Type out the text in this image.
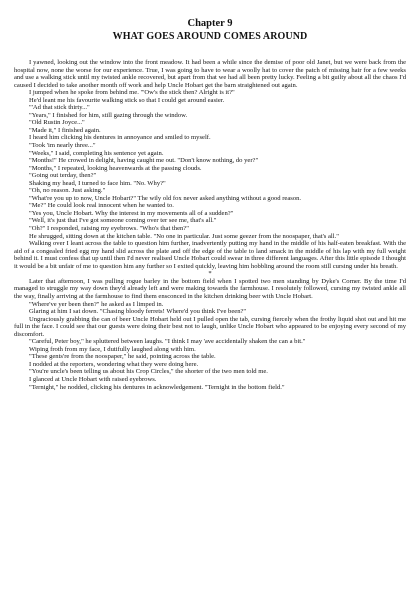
Chapter 9
WHAT GOES AROUND COMES AROUND

I yawned, looking out the window into the front meadow. It had been a while since the demise of poor old Janet, but we were back from the hospital now, none the worse for our experience. True, I was going to have to wear a woolly hat to cover the patch of missing hair for a few weeks and use a walking stick until my twisted ankle recovered, but apart from that we had all been pretty lucky. Feeling a bit guilty about all the chaos I'd caused I decided to take another month off work and help Uncle Hobart get the barn straightened out again.

I jumped when he spoke from behind me. "'Ow's the stick then? Alright is it?"

He'd leant me his favourite walking stick so that I could get around easier.

"'Ad that stick thirty..."

"Years," I finished for him, still gazing through the window.

"Old Rustin Joyce..."

"Made it," I finished again.

I heard him clicking his dentures in annoyance and smiled to myself.

"Took 'im nearly three..."

"Weeks," I said, completing his sentence yet again.

"Months!" He crowed in delight, having caught me out. "Don't know nothing, do yer?"

"Months," I repeated, looking heavenwards at the passing clouds.

"Going out terday, then?"

Shaking my head, I turned to face him. "No. Why?"

"Oh, no reason. Just asking."

"What're you up to now, Uncle Hobart?" The wily old fox never asked anything without a good reason.

"Me?" He could look real innocent when he wanted to.

"Yes you, Uncle Hobart. Why the interest in my movements all of a sudden?"

"Well, it's just that I've got someone coming over ter see me, that's all."

"Oh?" I responded, raising my eyebrows. "Who's that then?"

He shrugged, sitting down at the kitchen table. "No one in particular. Just some geezer from the noospaper, that's all."

Walking over I leant across the table to question him further, inadvertently putting my hand in the middle of his half-eaten breakfast. With the aid of a congealed fried egg my hand slid across the plate and off the edge of the table to land smack in the middle of his lap with my full weight behind it. I must confess that up until then I'd never realised Uncle Hobart could swear in three different languages. After this little episode I thought it would be a bit unfair of me to question him any further so I exited quickly, leaving him hobbling around the room still cursing under his breath.

*

Later that afternoon, I was pulling rogue barley in the bottom field when I spotted two men standing by Dyke's Corner. By the time I'd managed to struggle my way down they'd already left and were making towards the farmhouse. I resolutely followed, cursing my twisted ankle all the way, finally arriving at the farmhouse to find them ensconced in the kitchen drinking beer with Uncle Hobart.

"Where've yer been then?" he asked as I limped in.

Glaring at him I sat down. "Chasing bloody ferrets! Where'd you think I've been?"

Ungraciously grabbing the can of beer Uncle Hobart held out I pulled open the tab, cursing fiercely when the frothy liquid shot out and hit me full in the face. I could see that our guests were doing their best not to laugh, unlike Uncle Hobart who appeared to be enjoying every second of my discomfort.

"Careful, Peter boy," he spluttered between laughs. "I think I may 'ave accidentally shaken the can a bit."

Wiping froth from my face, I dutifully laughed along with him.

"These gents're from the noospaper," he said, pointing across the table.

I nodded at the reporters, wondering what they were doing here.

"You're uncle's been telling us about his Crop Circles," the shorter of the two men told me.

I glanced at Uncle Hobart with raised eyebrows.

"Ternight," he nodded, clicking his dentures in acknowledgement. "Ternight in the bottom field."
